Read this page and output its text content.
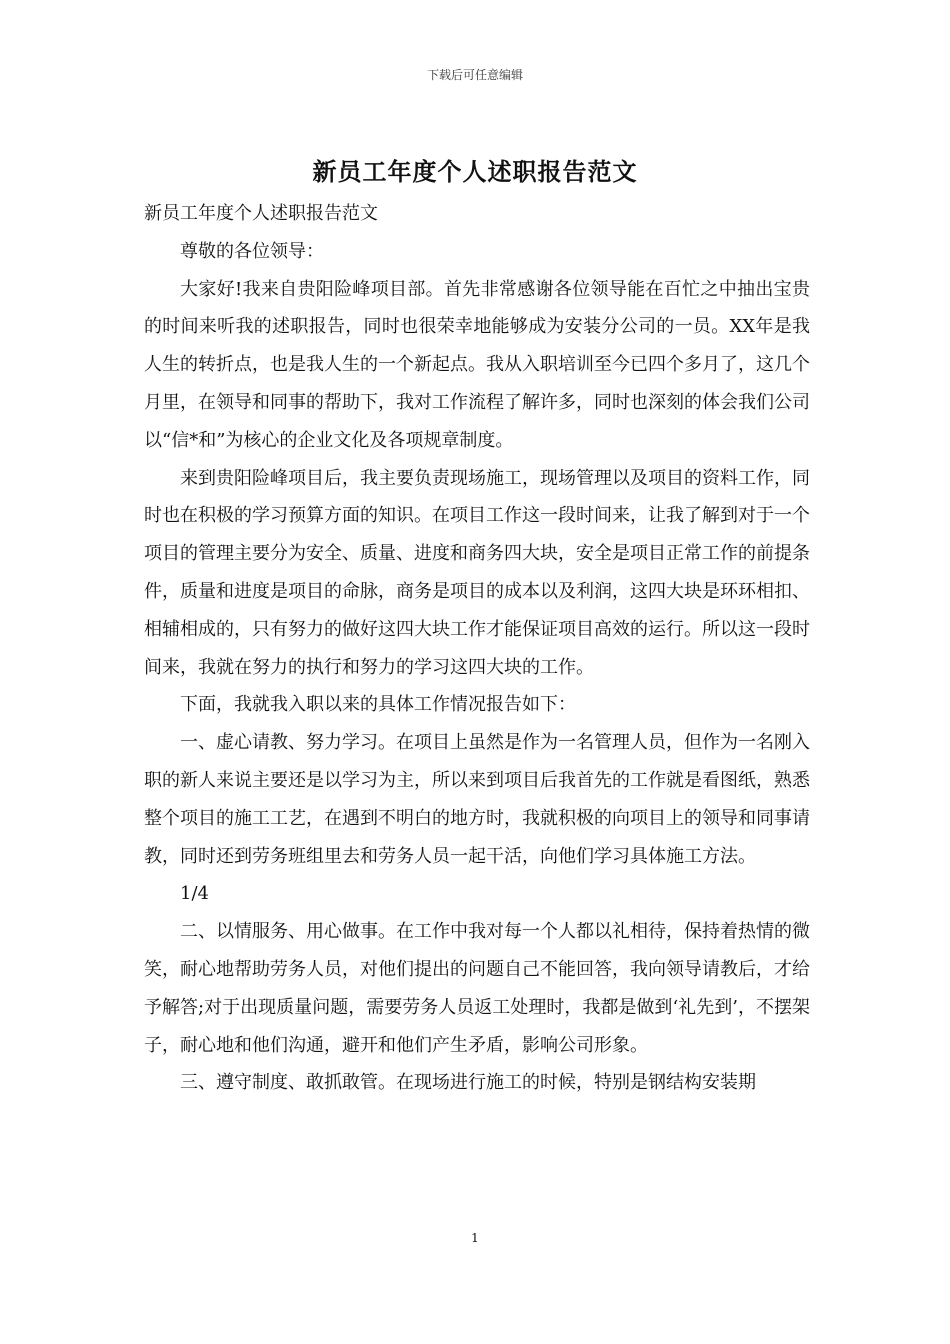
下载后可任意编辑
新员工年度个人述职报告范文

新员工年度个人述职报告范文

尊敬的各位领导：

大家好!我来自贵阳险峰项目部。首先非常感谢各位领导能在百忙之中抽出宝贵的时间来听我的述职报告，同时也很荣幸地能够成为安装分公司的一员。XX年是我人生的转折点，也是我人生的一个新起点。我从入职培训至今已四个多月了，这几个月里，在领导和同事的帮助下，我对工作流程了解许多，同时也深刻的体会我们公司以“信*和”为核心的企业文化及各项规章制度。

来到贵阳险峰项目后，我主要负责现场施工，现场管理以及项目的资料工作，同时也在积极的学习预算方面的知识。在项目工作这一段时间来，让我了解到对于一个项目的管理主要分为安全、质量、进度和商务四大块，安全是项目正常工作的前提条件，质量和进度是项目的命脉，商务是项目的成本以及利润，这四大块是环环相扣、相辅相成的，只有努力的做好这四大块工作才能保证项目高效的运行。所以这一段时间来，我就在努力的执行和努力的学习这四大块的工作。

下面，我就我入职以来的具体工作情况报告如下：

一、虚心请教、努力学习。在项目上虽然是作为一名管理人员，但作为一名刚入职的新人来说主要还是以学习为主，所以来到项目后我首先的工作就是看图纸，熟悉整个项目的施工工艺，在遇到不明白的地方时，我就积极的向项目上的领导和同事请教，同时还到劳务班组里去和劳务人员一起干活，向他们学习具体施工方法。

1/4

二、以情服务、用心做事。在工作中我对每一个人都以礼相待，保持着热情的微笑，耐心地帮助劳务人员，对他们提出的问题自己不能回答，我向领导请教后，才给予解答;对于出现质量问题，需要劳务人员返工处理时，我都是做到‘礼先到’，不摆架子，耐心地和他们沟通，避开和他们产生矛盾，影响公司形象。

三、遵守制度、敢抓敢管。在现场进行施工的时候，特别是钢结构安装期

1
